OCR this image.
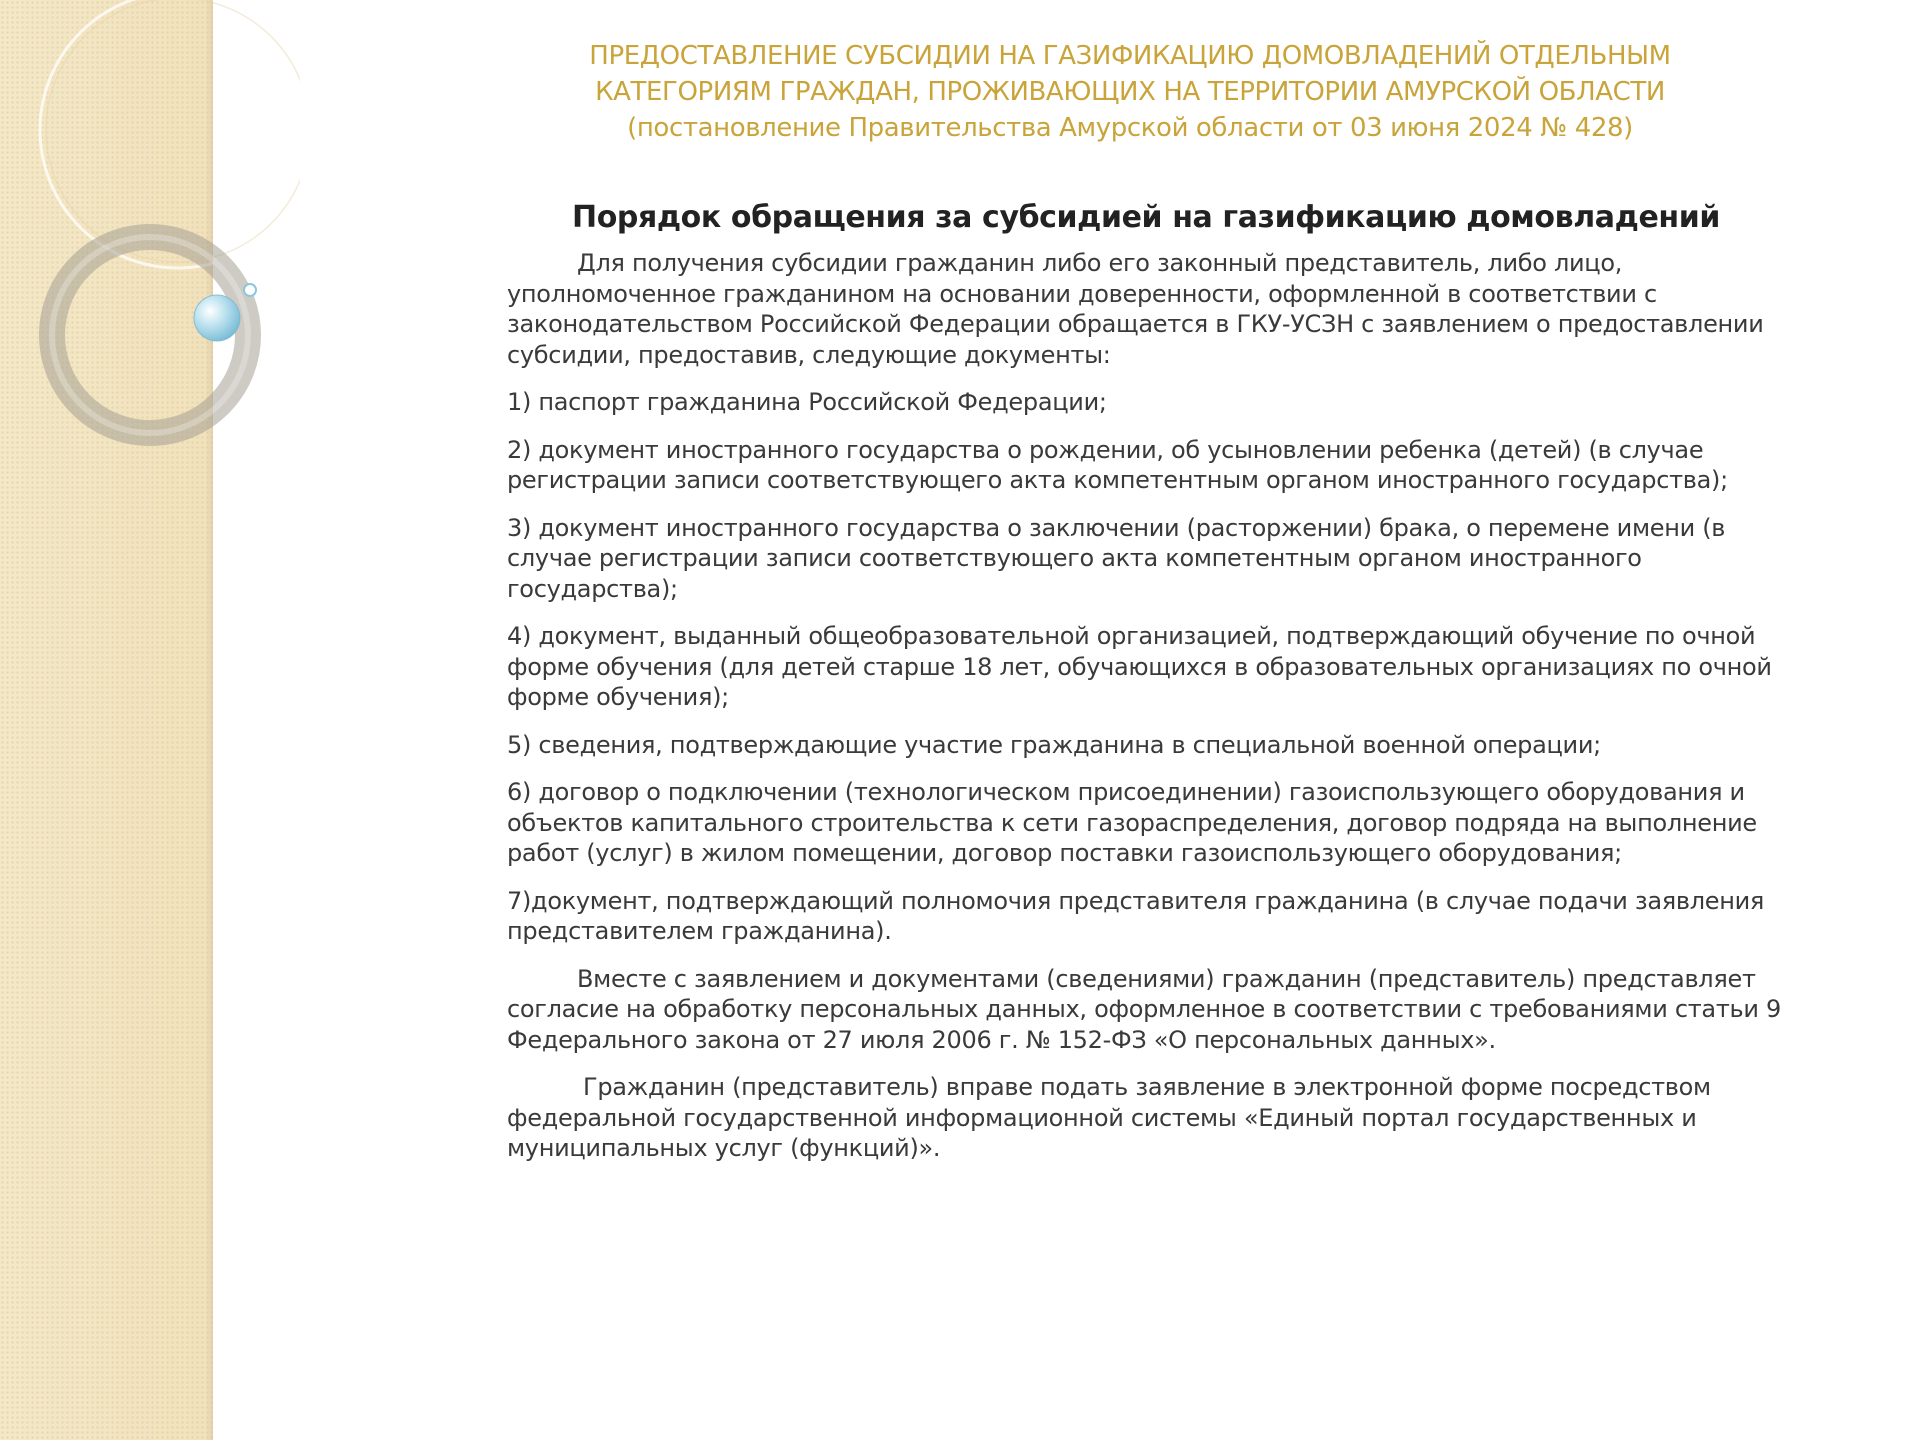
ПРЕДОСТАВЛЕНИЕ СУБСИДИИ НА ГАЗИФИКАЦИЮ ДОМОВЛАДЕНИЙ ОТДЕЛЬНЫМ
КАТЕГОРИЯМ ГРАЖДАН, ПРОЖИВАЮЩИХ НА ТЕРРИТОРИИ АМУРСКОЙ ОБЛАСТИ
(постановление Правительства Амурской области от 03 июня 2024 № 428)
Порядок обращения за субсидией на газификацию домовладений

Для получения субсидии гражданин либо его законный представитель, либо лицо, уполномоченное гражданином на основании доверенности, оформленной в соответствии с законодательством Российской Федерации обращается в ГКУ-УСЗН с заявлением о предоставлении субсидии, предоставив, следующие документы:

1) паспорт гражданина Российской Федерации;

2) документ иностранного государства о рождении, об усыновлении ребенка (детей) (в случае регистрации записи соответствующего акта компетентным органом иностранного государства);

3) документ иностранного государства о заключении (расторжении) брака, о перемене имени (в случае регистрации записи соответствующего акта компетентным органом иностранного государства);

4) документ, выданный общеобразовательной организацией, подтверждающий обучение по очной форме обучения (для детей старше 18 лет, обучающихся в образовательных организациях по очной форме обучения);

5) сведения, подтверждающие участие гражданина в специальной военной операции;

6) договор о подключении (технологическом присоединении) газоиспользующего оборудования и объектов капитального строительства к сети газораспределения, договор подряда на выполнение работ (услуг) в жилом помещении, договор поставки газоиспользующего оборудования;

7)документ, подтверждающий полномочия представителя гражданина (в случае подачи заявления представителем гражданина).

Вместе с заявлением и документами (сведениями) гражданин (представитель) представляет согласие на обработку персональных данных, оформленное в соответствии с требованиями статьи 9 Федерального закона от 27 июля 2006 г. № 152-ФЗ «О персональных данных».

Гражданин (представитель) вправе подать заявление в электронной форме посредством федеральной государственной информационной системы «Единый портал государственных и муниципальных услуг (функций)».
